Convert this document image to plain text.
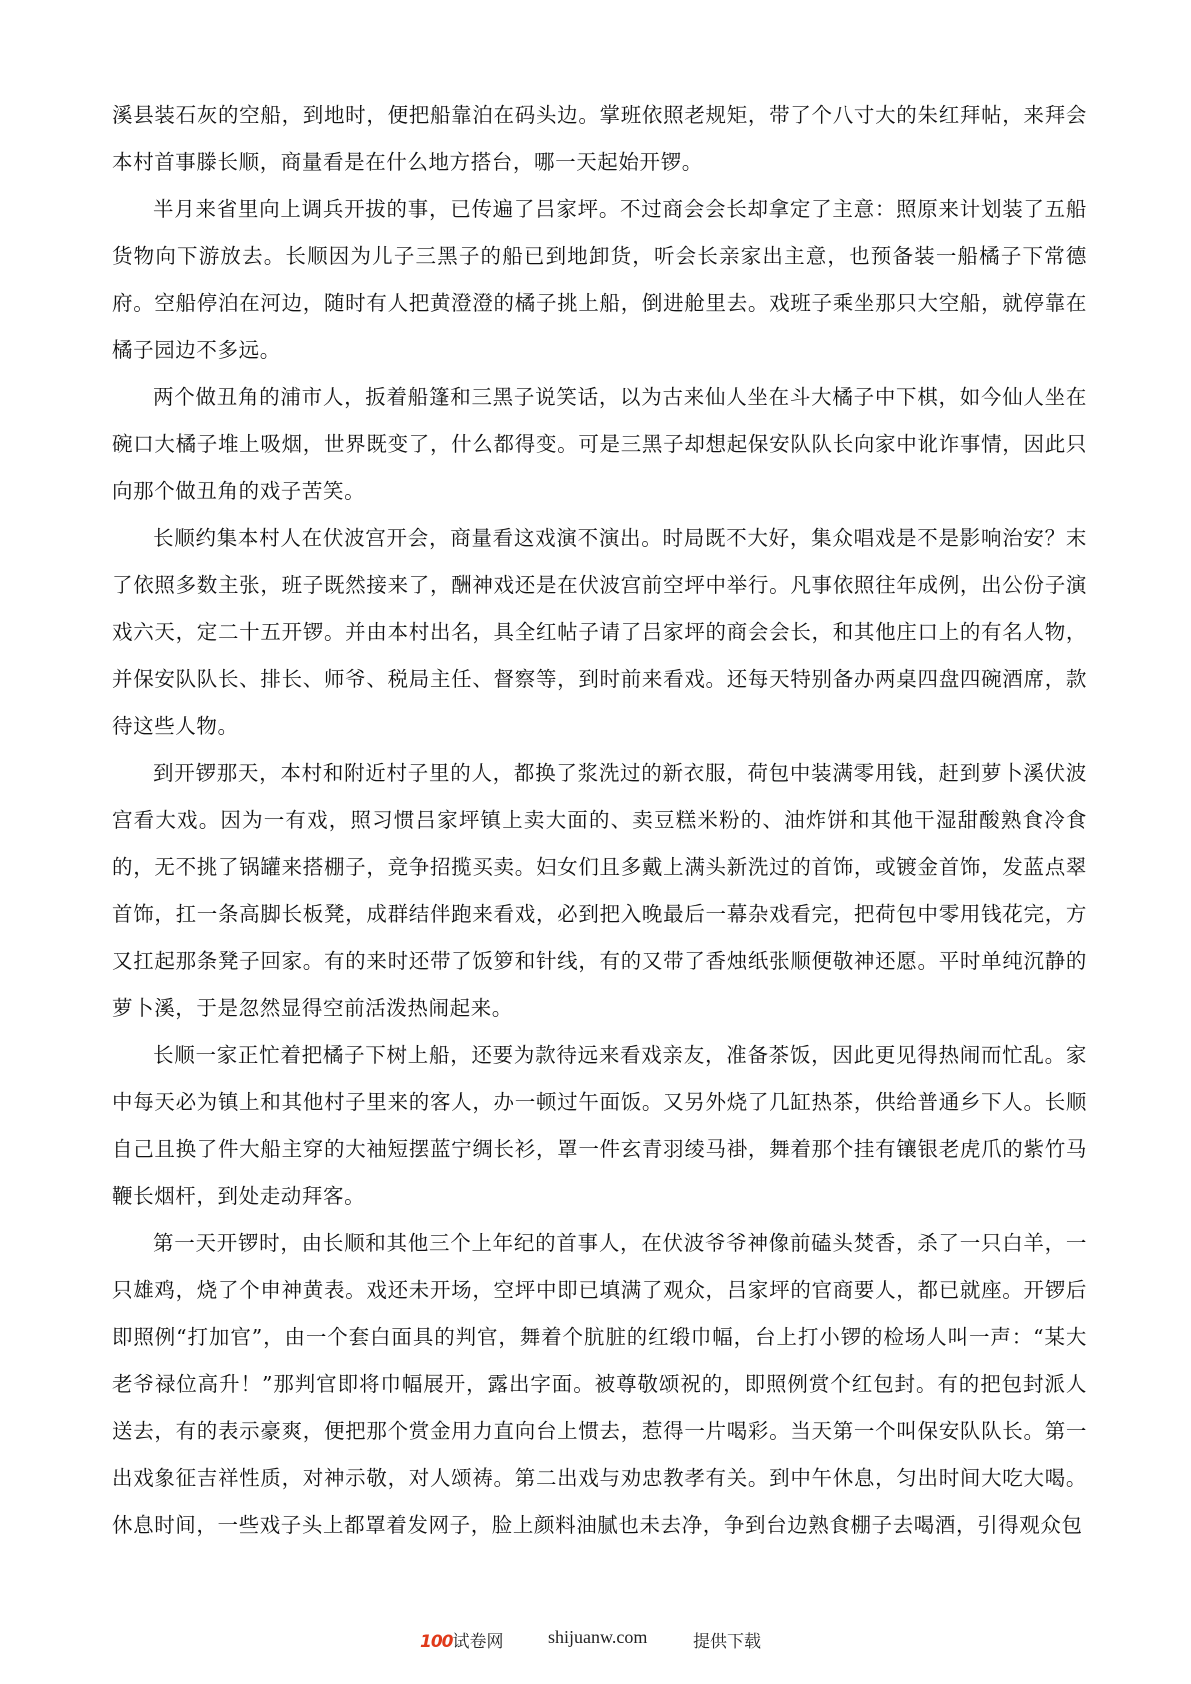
溪县装石灰的空船，到地时，便把船靠泊在码头边。掌班依照老规矩，带了个八寸大的朱红拜帖，来拜会本村首事滕长顺，商量看是在什么地方搭台，哪一天起始开锣。

半月来省里向上调兵开拔的事，已传遍了吕家坪。不过商会会长却拿定了主意：照原来计划装了五船货物向下游放去。长顺因为儿子三黑子的船已到地卸货，听会长亲家出主意，也预备装一船橘子下常德府。空船停泊在河边，随时有人把黄澄澄的橘子挑上船，倒进舱里去。戏班子乘坐那只大空船，就停靠在橘子园边不多远。

两个做丑角的浦市人，扳着船篷和三黑子说笑话，以为古来仙人坐在斗大橘子中下棋，如今仙人坐在碗口大橘子堆上吸烟，世界既变了，什么都得变。可是三黑子却想起保安队队长向家中讹诈事情，因此只向那个做丑角的戏子苦笑。

长顺约集本村人在伏波宫开会，商量看这戏演不演出。时局既不大好，集众唱戏是不是影响治安？末了依照多数主张，班子既然接来了，酬神戏还是在伏波宫前空坪中举行。凡事依照往年成例，出公份子演戏六天，定二十五开锣。并由本村出名，具全红帖子请了吕家坪的商会会长，和其他庄口上的有名人物，并保安队队长、排长、师爷、税局主任、督察等，到时前来看戏。还每天特别备办两桌四盘四碗酒席，款待这些人物。

到开锣那天，本村和附近村子里的人，都换了浆洗过的新衣服，荷包中装满零用钱，赶到萝卜溪伏波宫看大戏。因为一有戏，照习惯吕家坪镇上卖大面的、卖豆糕米粉的、油炸饼和其他干湿甜酸熟食冷食的，无不挑了锅罐来搭棚子，竞争招揽买卖。妇女们且多戴上满头新洗过的首饰，或镀金首饰，发蓝点翠首饰，扛一条高脚长板凳，成群结伴跑来看戏，必到把入晚最后一幕杂戏看完，把荷包中零用钱花完，方又扛起那条凳子回家。有的来时还带了饭箩和针线，有的又带了香烛纸张顺便敬神还愿。平时单纯沉静的萝卜溪，于是忽然显得空前活泼热闹起来。

长顺一家正忙着把橘子下树上船，还要为款待远来看戏亲友，准备茶饭，因此更见得热闹而忙乱。家中每天必为镇上和其他村子里来的客人，办一顿过午面饭。又另外烧了几缸热茶，供给普通乡下人。长顺自己且换了件大船主穿的大袖短摆蓝宁绸长衫，罩一件玄青羽绫马褂，舞着那个挂有镶银老虎爪的紫竹马鞭长烟杆，到处走动拜客。

第一天开锣时，由长顺和其他三个上年纪的首事人，在伏波爷爷神像前磕头焚香，杀了一只白羊，一只雄鸡，烧了个申神黄表。戏还未开场，空坪中即已填满了观众，吕家坪的官商要人，都已就座。开锣后即照例“打加官”，由一个套白面具的判官，舞着个肮脏的红缎巾幅，台上打小锣的检场人叫一声：“某大老爷禄位高升！”那判官即将巾幅展开，露出字面。被尊敬颂祝的，即照例赏个红包封。有的把包封派人送去，有的表示豪爽，便把那个赏金用力直向台上惯去，惹得一片喝彩。当天第一个叫保安队队长。第一出戏象征吉祥性质，对神示敬，对人颂祷。第二出戏与劝忠教孝有关。到中午休息，匀出时间大吃大喝。休息时间，一些戏子头上都罩着发网子，脸上颜料油腻也未去净，争到台边熟食棚子去喝酒，引得观众包

100试卷网 shijuanw.com	提供下载
